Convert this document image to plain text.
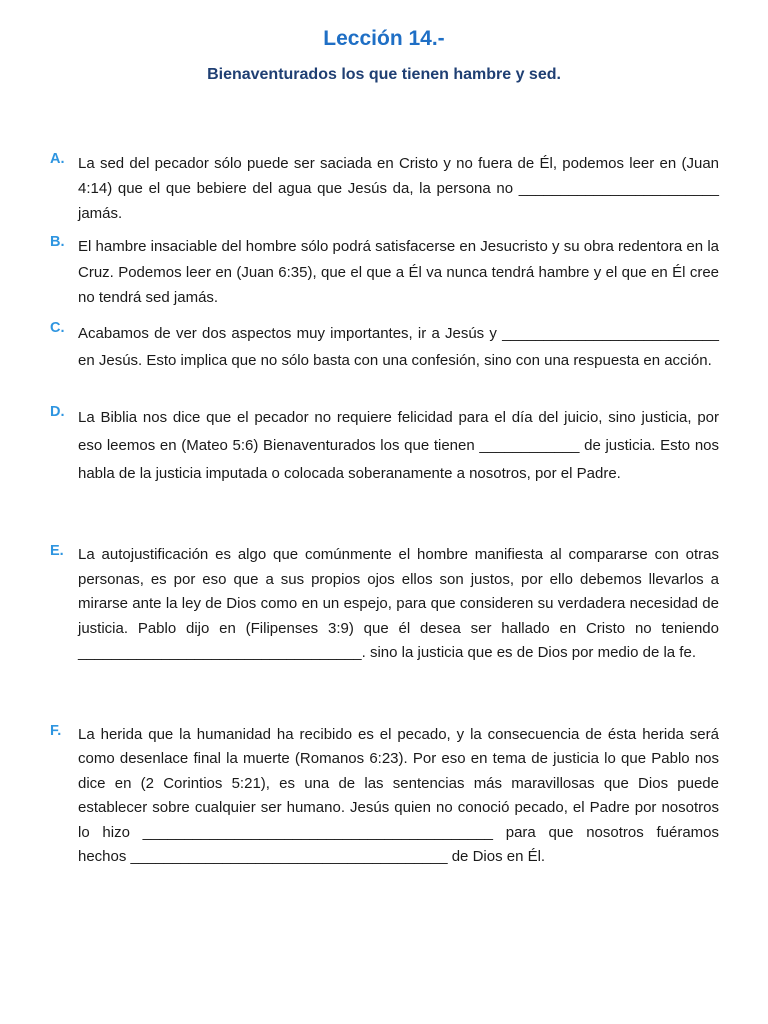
Lección 14.-
Bienaventurados los que tienen hambre y sed.
A. La sed del pecador sólo puede ser saciada en Cristo y no fuera de Él, podemos leer en (Juan 4:14) que el que bebiere del agua que Jesús da, la persona no ________________________ jamás.

B. El hambre insaciable del hombre sólo podrá satisfacerse en Jesucristo y su obra redentora en la Cruz. Podemos leer en (Juan 6:35), que el que a Él va nunca tendrá hambre y el que en Él cree no tendrá sed jamás.

C. Acabamos de ver dos aspectos muy importantes, ir a Jesús y __________________________ en Jesús. Esto implica que no sólo basta con una confesión, sino con una respuesta en acción.

D. La Biblia nos dice que el pecador no requiere felicidad para el día del juicio, sino justicia, por eso leemos en (Mateo 5:6) Bienaventurados los que tienen ____________ de justicia. Esto nos habla de la justicia imputada o colocada soberanamente a nosotros, por el Padre.

E. La autojustificación es algo que comúnmente el hombre manifiesta al compararse con otras personas, es por eso que a sus propios ojos ellos son justos, por ello debemos llevarlos a mirarse ante la ley de Dios como en un espejo, para que consideren su verdadera necesidad de justicia. Pablo dijo en (Filipenses 3:9) que él desea ser hallado en Cristo no teniendo __________________________________. sino la justicia que es de Dios por medio de la fe.

F. La herida que la humanidad ha recibido es el pecado, y la consecuencia de ésta herida será como desenlace final la muerte (Romanos 6:23). Por eso en tema de justicia lo que Pablo nos dice en (2 Corintios 5:21), es una de las sentencias más maravillosas que Dios puede establecer sobre cualquier ser humano. Jesús quien no conoció pecado, el Padre por nosotros lo hizo __________________________________________ para que nosotros fuéramos hechos ______________________________________ de Dios en Él.
